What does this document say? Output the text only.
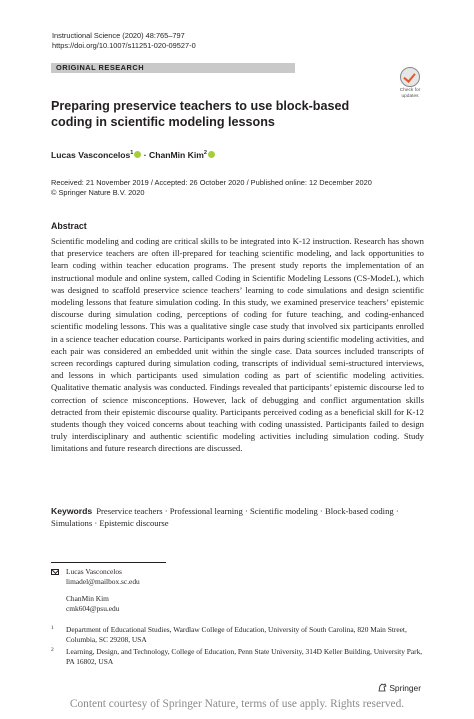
Instructional Science (2020) 48:765–797
https://doi.org/10.1007/s11251-020-09527-0
ORIGINAL RESEARCH
Check for
updates
Preparing preservice teachers to use block-based coding in scientific modeling lessons
Lucas Vasconcelos$^1$ · ChanMin Kim$^2$
Received: 21 November 2019 / Accepted: 26 October 2020 / Published online: 12 December 2020
© Springer Nature B.V. 2020
Abstract
Scientific modeling and coding are critical skills to be integrated into K-12 instruction. Research has shown that preservice teachers are often ill-prepared for teaching scientific modeling, and lack opportunities to learn coding within teacher education programs. The present study reports the implementation of an instructional module and online system, called Coding in Scientific Modeling Lessons (CS-ModeL), which was designed to scaffold preservice science teachers’ learning to code simulations and design scientific modeling lessons that feature simulation coding. In this study, we examined preservice teachers’ epistemic discourse during simulation coding, perceptions of coding for future teaching, and coding-enhanced scientific modeling lessons. This was a qualitative single case study that involved six participants enrolled in a science teacher education course. Participants worked in pairs during scientific modeling activities, and each pair was considered an embedded unit within the single case. Data sources included transcripts of screen recordings captured during simulation coding, transcripts of individual semi-structured interviews, and lessons in which participants used simulation coding as part of scientific modeling activities. Qualitative thematic analysis was conducted. Findings revealed that participants’ epistemic discourse led to correction of science misconceptions. However, lack of debugging and conflict argumentation skills detracted from their epistemic discourse quality. Participants perceived coding as a beneficial skill for K-12 students though they voiced concerns about teaching with coding unassisted. Participants failed to design truly interdisciplinary and authentic scientific modeling activities including simulation coding. Study limitations and future research directions are discussed.
Keywords Preservice teachers · Professional learning · Scientific modeling · Block-based coding · Simulations · Epistemic discourse
Lucas Vasconcelos
limadel@mailbox.sc.edu
ChanMin Kim
cmk604@psu.edu
1 Department of Educational Studies, Wardlaw College of Education, University of South Carolina, 820 Main Street, Columbia, SC 29208, USA
2 Learning, Design, and Technology, College of Education, Penn State University, 314D Keller Building, University Park, PA 16802, USA
Springer
Content courtesy of Springer Nature, terms of use apply. Rights reserved.
